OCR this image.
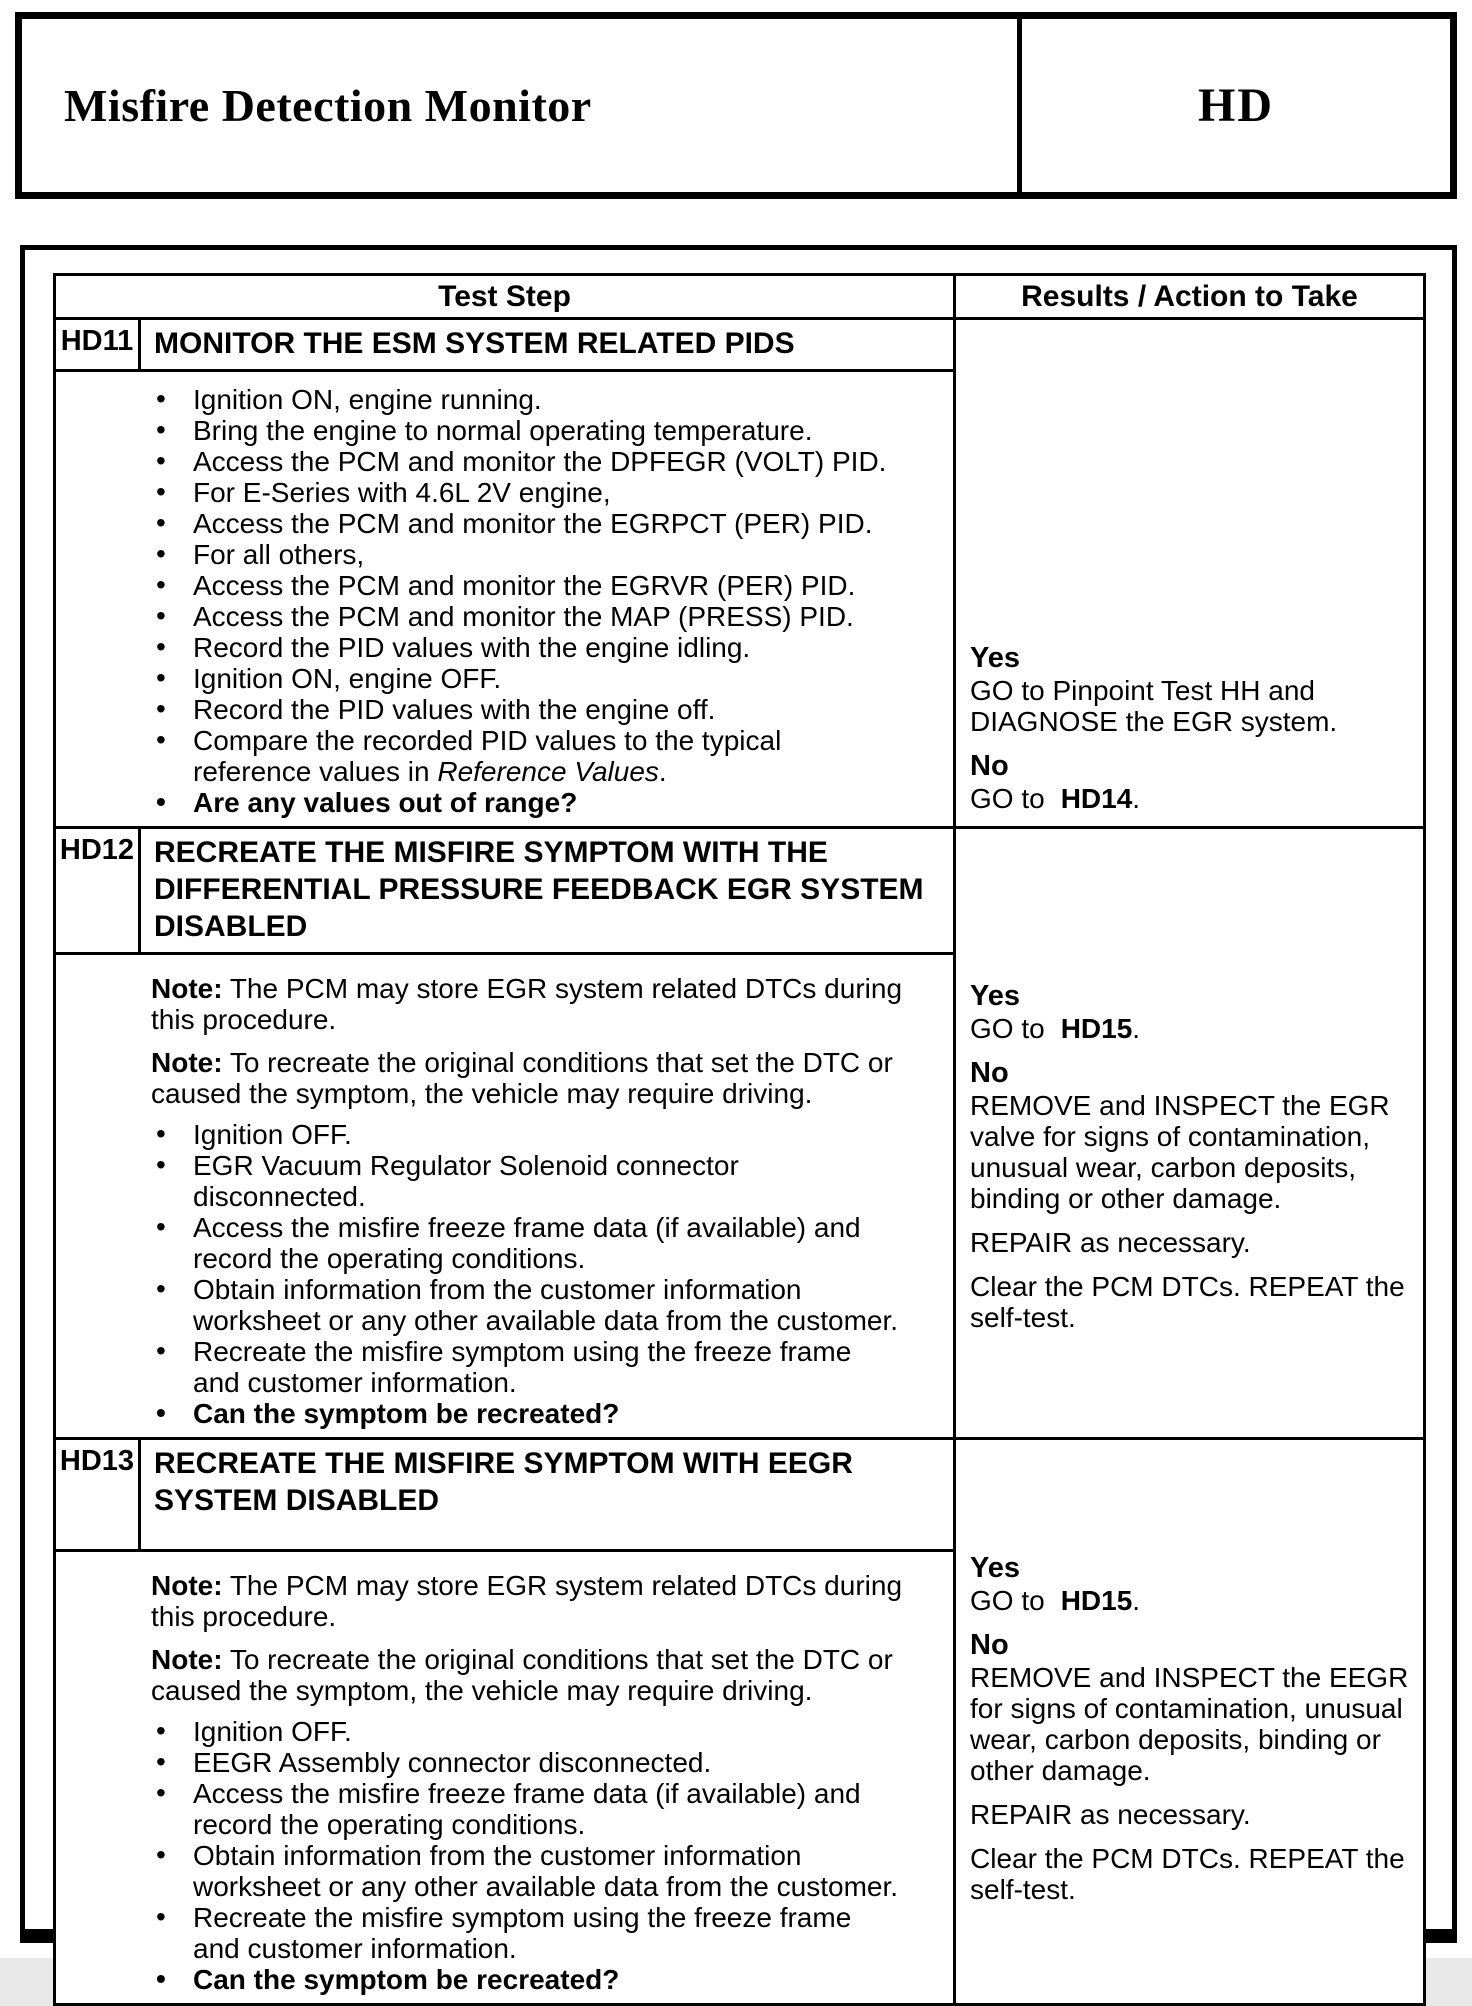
Misfire Detection Monitor	HD
Test Step	Results / Action to Take
HD11 MONITOR THE ESM SYSTEM RELATED PIDS
• Ignition ON, engine running.
• Bring the engine to normal operating temperature.
• Access the PCM and monitor the DPFEGR (VOLT) PID.
• For E-Series with 4.6L 2V engine,
• Access the PCM and monitor the EGRPCT (PER) PID.
• For all others,
• Access the PCM and monitor the EGRVR (PER) PID.
• Access the PCM and monitor the MAP (PRESS) PID.
• Record the PID values with the engine idling.
• Ignition ON, engine OFF.
• Record the PID values with the engine off.
• Compare the recorded PID values to the typical reference values in Reference Values.
• Are any values out of range?
Yes
GO to Pinpoint Test HH and DIAGNOSE the EGR system.
No
GO to HD14.
HD12 RECREATE THE MISFIRE SYMPTOM WITH THE DIFFERENTIAL PRESSURE FEEDBACK EGR SYSTEM DISABLED
Note: The PCM may store EGR system related DTCs during this procedure.
Note: To recreate the original conditions that set the DTC or caused the symptom, the vehicle may require driving.
• Ignition OFF.
• EGR Vacuum Regulator Solenoid connector disconnected.
• Access the misfire freeze frame data (if available) and record the operating conditions.
• Obtain information from the customer information worksheet or any other available data from the customer.
• Recreate the misfire symptom using the freeze frame and customer information.
• Can the symptom be recreated?
Yes
GO to HD15.
No
REMOVE and INSPECT the EGR valve for signs of contamination, unusual wear, carbon deposits, binding or other damage.
REPAIR as necessary.
Clear the PCM DTCs. REPEAT the self-test.
HD13 RECREATE THE MISFIRE SYMPTOM WITH EEGR SYSTEM DISABLED
Note: The PCM may store EGR system related DTCs during this procedure.
Note: To recreate the original conditions that set the DTC or caused the symptom, the vehicle may require driving.
• Ignition OFF.
• EEGR Assembly connector disconnected.
• Access the misfire freeze frame data (if available) and record the operating conditions.
• Obtain information from the customer information worksheet or any other available data from the customer.
• Recreate the misfire symptom using the freeze frame and customer information.
• Can the symptom be recreated?
Yes
GO to HD15.
No
REMOVE and INSPECT the EEGR for signs of contamination, unusual wear, carbon deposits, binding or other damage.
REPAIR as necessary.
Clear the PCM DTCs. REPEAT the self-test.
